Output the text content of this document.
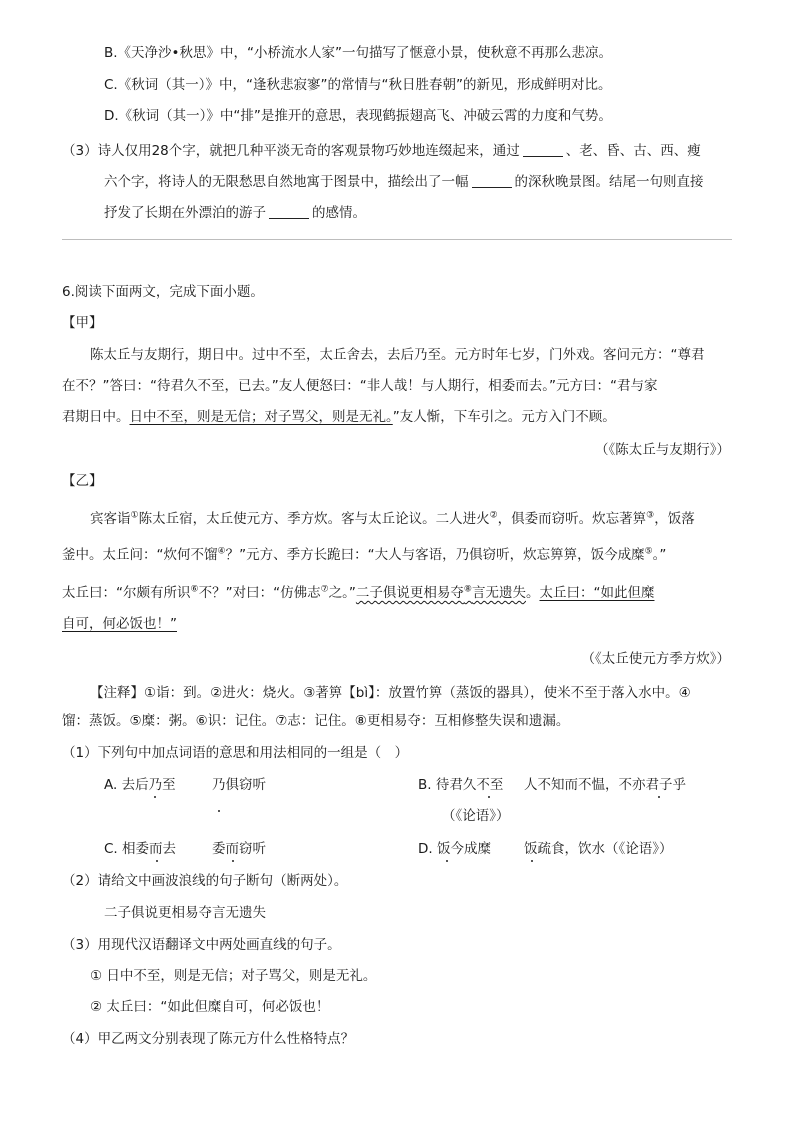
B.《天净沙•秋思》中，“小桥流水人家”一句描写了惬意小景，使秋意不再那么悲凉。
C.《秋词（其一）》中，“逢秋悲寂寥”的常情与“秋日胜春朝”的新见，形成鲜明对比。
D.《秋词（其一）》中“排”是推开的意思，表现鹤振翅高飞、冲破云霄的力度和气势。
（3）诗人仅用28个字，就把几种平淡无奇的客观景物巧妙地连缀起来，通过	、老、昏、古、西、瘦
六个字，将诗人的无限愁思自然地寓于图景中，描绘出了一幅	的深秋晚景图。结尾一句则直接
抒发了长期在外漂泊的游子	的感情。
6.阅读下面两文，完成下面小题。
【甲】
陈太丘与友期行，期日中。过中不至，太丘舍去，去后乃至。元方时年七岁，门外戏。客问元方：“尊君
在不？”答曰：“待君久不至，已去。”友人便怒曰：“非人哉！与人期行，相委而去。”元方曰：“君与家
君期日中。日中不至，则是无信；对子骂父，则是无礼。”友人惭，下车引之。元方入门不顾。
（《陈太丘与友期行》）
【乙】
宾客诣①陈太丘宿，太丘使元方、季方炊。客与太丘论议。二人进火②，俱委而窃听。炊忘著箅③，饭落
釜中。太丘问：“炊何不馏④？”元方、季方长跪曰：“大人与客语，乃俱窃听，炊忘箅箅，饭今成糜⑤。”
太丘曰：“尔颇有所识⑥不？”对曰：“仿佛志⑦之。”二子俱说更相易夺⑧言无遗失。太丘曰：“如此但糜
自可，何必饭也！”
（《太丘使元方季方炊》）
【注释】①诣：到。②进火：烧火。③著箅【bì】：放置竹箅（蒸饭的器具），使米不至于落入水中。④
馏：蒸饭。⑤糜：粥。⑥识：记住。⑦志：记住。⑧更相易夺：互相修整失误和遗漏。
（1）下列句中加点词语的意思和用法相同的一组是（　）
A. 去后乃至	乃俱窃听	B. 待君久不至 人不知而不愠，不亦君子乎
（《论语》）
C. 相委而去	委而窃听	D. 饭今成糜 饭疏食，饮水（《论语》）
（2）请给文中画波浪线的句子断句（断两处）。
二子俱说更相易夺言无遗失
（3）用现代汉语翻译文中两处画直线的句子。
① 日中不至，则是无信；对子骂父，则是无礼。
② 太丘曰：“如此但糜自可，何必饭也！
（4）甲乙两文分别表现了陈元方什么性格特点？
